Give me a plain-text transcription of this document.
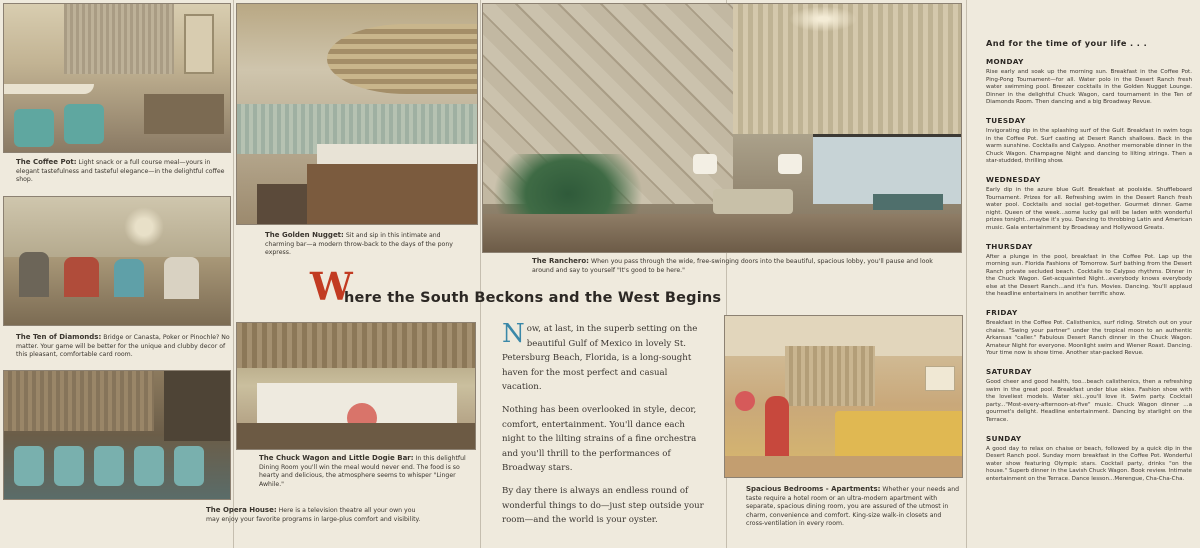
The Coffee Pot: Light snack or a full course meal—yours in elegant tastefulness and tasteful elegance—in the delightful coffee shop.
The Ten of Diamonds: Bridge or Canasta, Poker or Pinochle? No matter. Your game will be better for the unique and clubby decor of this pleasant, comfortable card room.
The Opera House: Here is a television theatre all your own you may enjoy your favorite programs in large-plus comfort and visibility.
The Golden Nugget: Sit and sip in this intimate and charming bar—a modern throw-back to the days of the pony express.
The Chuck Wagon and Little Dogie Bar: In this delightful Dining Room you'll win the meal would never end. The food is so hearty and delicious, the atmosphere seems to whisper "Linger Awhile."
The Ranchero: When you pass through the wide, free-swinging doors into the beautiful, spacious lobby, you'll pause and look around and say to yourself "It's good to be here."
W
here the South Beckons and the West Begins

N ow, at last, in the superb setting on the beautiful Gulf of Mexico in lovely St. Petersburg Beach, Florida, is a long-sought haven for the most perfect and casual vacation.

Nothing has been overlooked in style, decor, comfort, entertainment. You'll dance each night to the lilting strains of a fine orchestra and you'll thrill to the performances of Broadway stars.

By day there is always an endless round of wonderful things to do—just step outside your room—and the world is your oyster.

Spacious Bedrooms - Apartments: Whether your needs and taste require a hotel room or an ultra-modern apartment with separate, spacious dining room, you are assured of the utmost in charm, convenience and comfort. King-size walk-in closets and cross-ventilation in every room.
And for the time of your life . . .
MONDAY
Rise early and soak up the morning sun. Breakfast in the Coffee Pot. Ping-Pong Tournament—for all. Water polo in the Desert Ranch fresh water swimming pool. Breezer cocktails in the Golden Nugget Lounge. Dinner in the delightful Chuck Wagon, card tournament in the Ten of Diamonds Room. Then dancing and a big Broadway Revue.
TUESDAY
Invigorating dip in the splashing surf of the Gulf. Breakfast in swim togs in the Coffee Pot. Surf casting at Desert Ranch shallows. Back in the warm sunshine. Cocktails and Calypso. Another memorable dinner in the Chuck Wagon. Champagne Night and dancing to lilting strings. Then a star-studded, thrilling show.
WEDNESDAY
Early dip in the azure blue Gulf. Breakfast at poolside. Shuffleboard Tournament. Prizes for all. Refreshing swim in the Desert Ranch fresh water pool. Cocktails and social get-together. Gourmet dinner. Game night. Queen of the week...some lucky gal will be laden with wonderful prizes tonight...maybe it's you. Dancing to throbbing Latin and American music. Gala entertainment by Broadway and Hollywood Greats.
THURSDAY
After a plunge in the pool, breakfast in the Coffee Pot. Lap up the morning sun. Florida Fashions of Tomorrow. Surf bathing from the Desert Ranch private secluded beach. Cocktails to Calypso rhythms. Dinner in the Chuck Wagon. Get-acquainted Night...everybody knows everybody else at the Desert Ranch...and it's fun. Movies. Dancing. You'll applaud the headline entertainers in another terrific show.
FRIDAY
Breakfast in the Coffee Pot. Calisthenics, surf riding. Stretch out on your chaise. "Swing your partner" under the tropical moon to an authentic Arkansas "caller." Fabulous Desert Ranch dinner in the Chuck Wagon. Amateur Night for everyone. Moonlight swim and Wiener Roast. Dancing. Your time now is show time. Another star-packed Revue.
SATURDAY
Good cheer and good health, too...beach calisthenics, then a refreshing swim in the great pool. Breakfast under blue skies. Fashion show with the loveliest models. Water ski...you'll love it. Swim party. Cocktail party..."Most-every-afternoon-at-five" music. Chuck Wagon dinner ...a gourmet's delight. Headline entertainment. Dancing by starlight on the Terrace.
SUNDAY
A good day to relax on chaise or beach, followed by a quick dip in the Desert Ranch pool. Sunday morn breakfast in the Coffee Pot. Wonderful water show featuring Olympic stars. Cocktail party, drinks "on the house." Superb dinner in the Lavish Chuck Wagon. Book review. Intimate entertainment on the Terrace. Dance lesson...Merengue, Cha-Cha-Cha.
